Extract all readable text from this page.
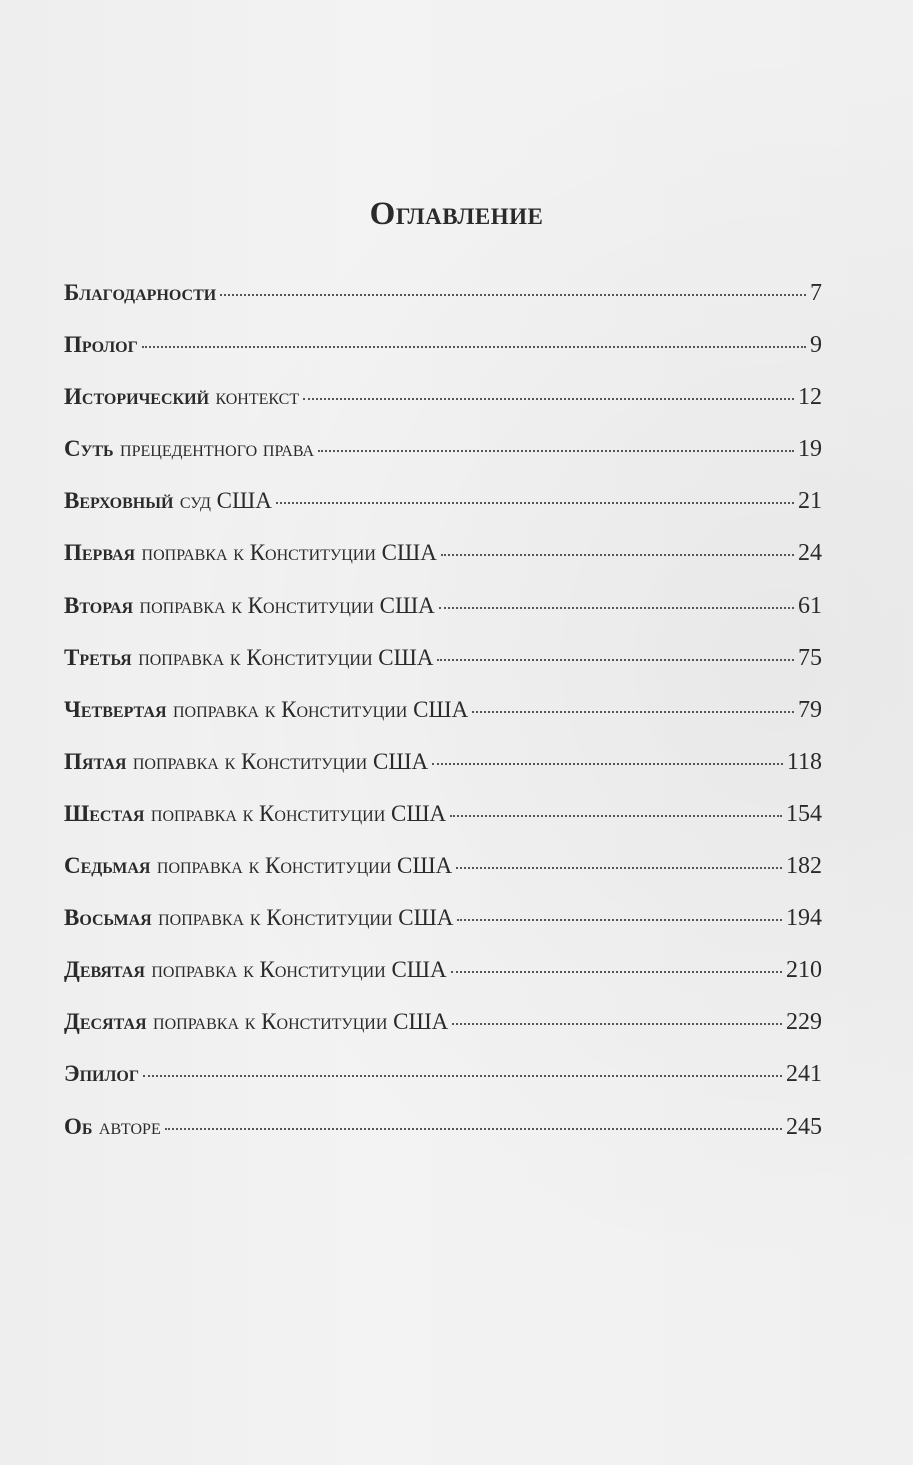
Оглавление
Благодарности	7
Пролог	9
Исторический контекст	12
Суть прецедентного права	19
Верховный суд США	21
Первая поправка к Конституции США	24
Вторая поправка к Конституции США	61
Третья поправка к Конституции США	75
Четвертая поправка к Конституции США	79
Пятая поправка к Конституции США	118
Шестая поправка к Конституции США	154
Седьмая поправка к Конституции США	182
Восьмая поправка к Конституции США	194
Девятая поправка к Конституции США	210
Десятая поправка к Конституции США	229
Эпилог	241
Об авторе	245
